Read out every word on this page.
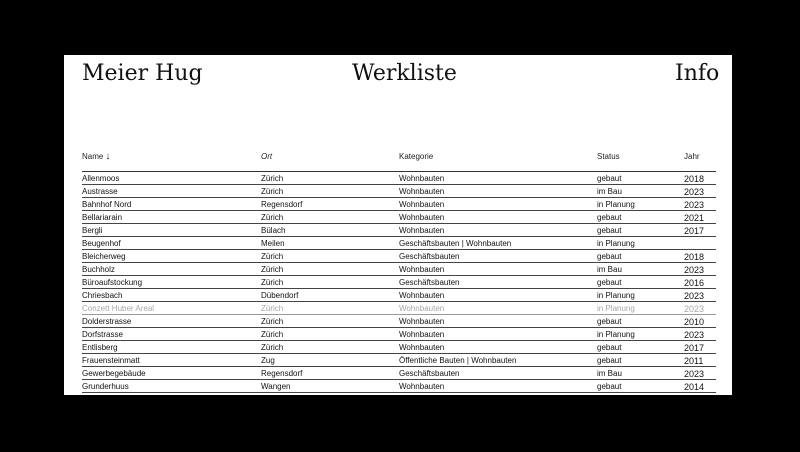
Meier Hug	Werkliste	Info
Name ↓	Ort	Kategorie	Status	Jahr
Allenmoos	Zürich	Wohnbauten	gebaut	2018
Austrasse	Zürich	Wohnbauten	im Bau	2023
Bahnhof Nord	Regensdorf	Wohnbauten	in Planung	2023
Bellariarain	Zürich	Wohnbauten	gebaut	2021
Bergli	Bülach	Wohnbauten	gebaut	2017
Beugenhof	Meilen	Geschäftsbauten | Wohnbauten	in Planung
Bleicherweg	Zürich	Geschäftsbauten	gebaut	2018
Buchholz	Zürich	Wohnbauten	im Bau	2023
Büroaufstockung	Zürich	Geschäftsbauten	gebaut	2016
Chriesbach	Dübendorf	Wohnbauten	in Planung	2023
Conzett Huber Areal	Zürich	Wohnbauten	in Planung	2023
Dolderstrasse	Zürich	Wohnbauten	gebaut	2010
Dorfstrasse	Zürich	Wohnbauten	in Planung	2023
Entlisberg	Zürich	Wohnbauten	gebaut	2017
Frauensteinmatt	Zug	Öffentliche Bauten | Wohnbauten	gebaut	2011
Gewerbegebäude	Regensdorf	Geschäftsbauten	im Bau	2023
Grunderhuus	Wangen	Wohnbauten	gebaut	2014
